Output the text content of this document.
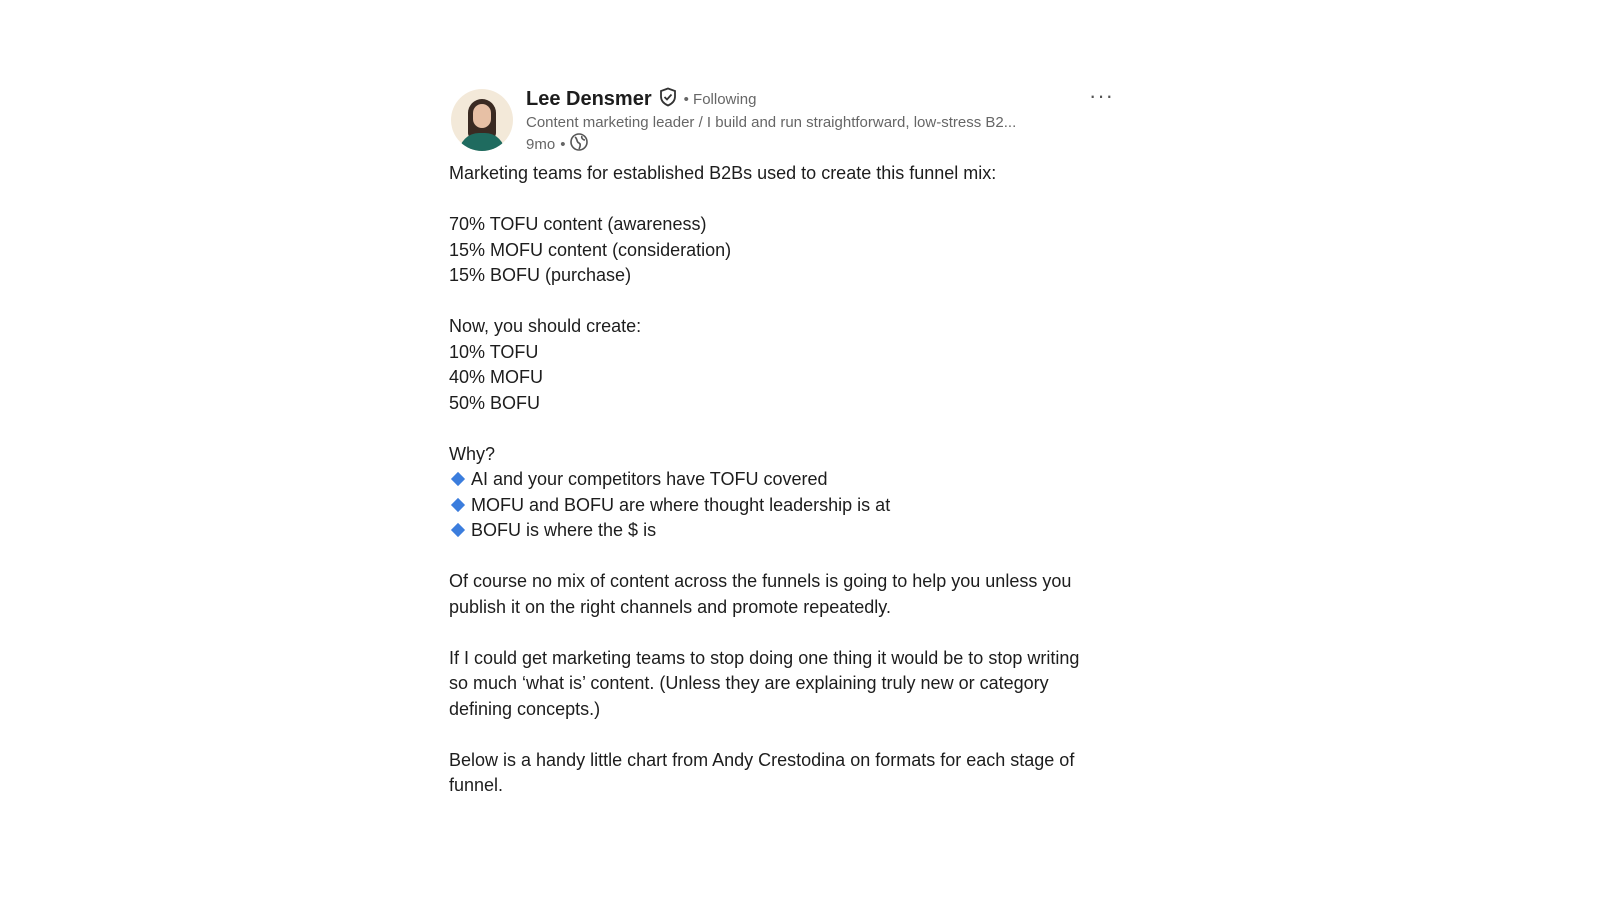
Lee Densmer • Following
Content marketing leader / I build and run straightforward, low-stress B2...
9mo •
···
Marketing teams for established B2Bs used to create this funnel mix:
70% TOFU content (awareness)
15% MOFU content (consideration)
15% BOFU (purchase)
Now, you should create:
10% TOFU
40% MOFU
50% BOFU
Why?
AI and your competitors have TOFU covered
MOFU and BOFU are where thought leadership is at
BOFU is where the $ is
Of course no mix of content across the funnels is going to help you unless you
publish it on the right channels and promote repeatedly.
If I could get marketing teams to stop doing one thing it would be to stop writing
so much ‘what is’ content. (Unless they are explaining truly new or category
defining concepts.)
Below is a handy little chart from Andy Crestodina on formats for each stage of
funnel.
